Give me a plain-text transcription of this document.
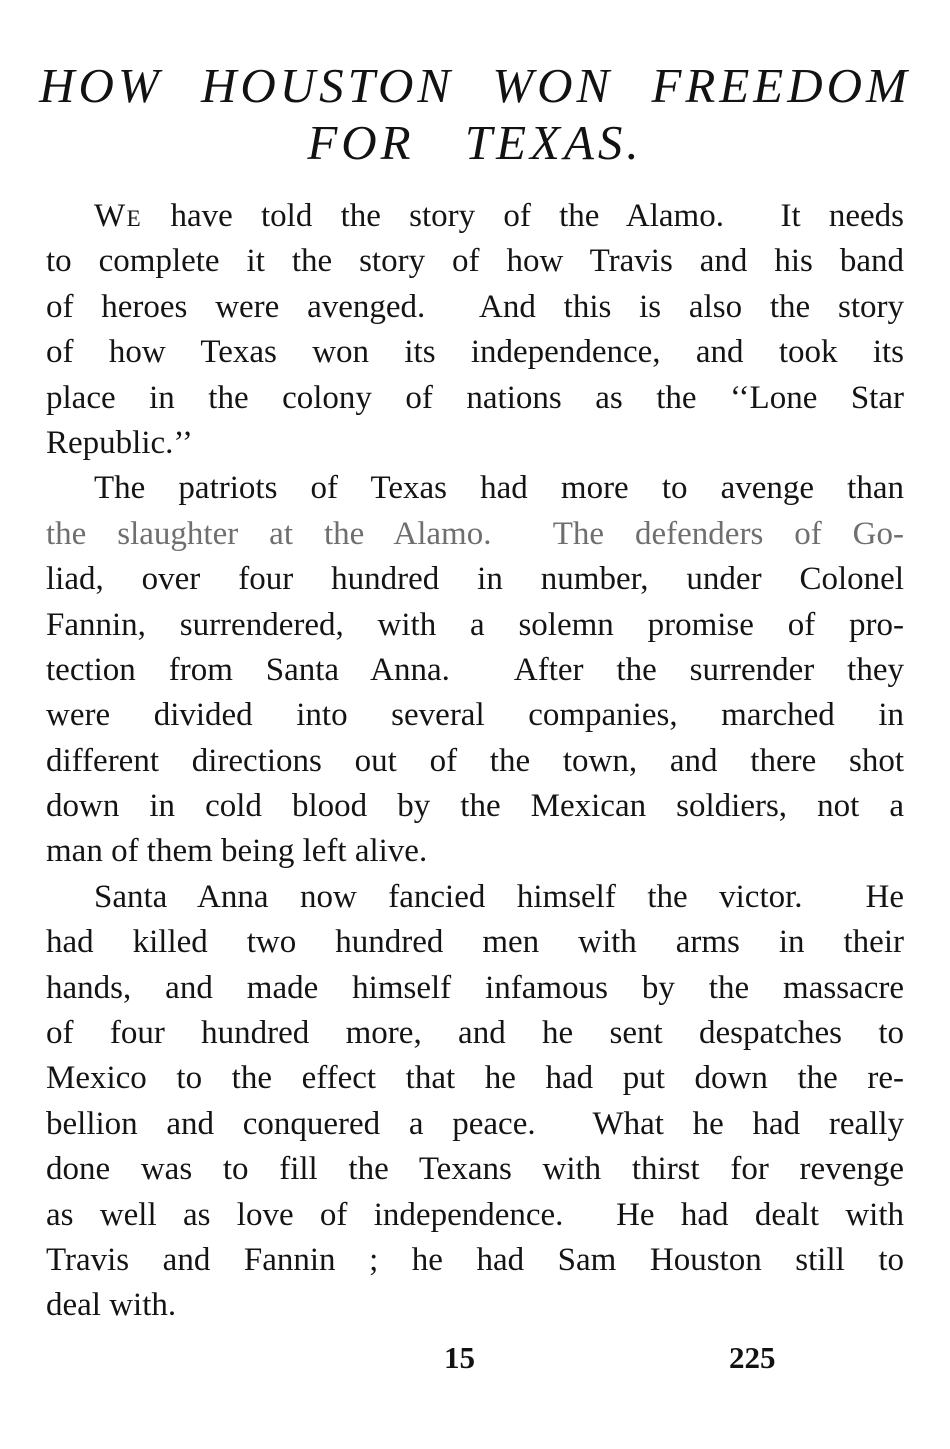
HOW HOUSTON WON FREEDOM
FOR TEXAS.
We have told the story of the Alamo.  It needs
to complete it the story of how Travis and his band
of heroes were avenged.  And this is also the story
of how Texas won its independence, and took its
place in the colony of nations as the ‘‘Lone Star
Republic.’’
The patriots of Texas had more to avenge than
the slaughter at the Alamo.  The defenders of Go-
liad, over four hundred in number, under Colonel
Fannin, surrendered, with a solemn promise of pro-
tection from Santa Anna.  After the surrender they
were divided into several companies, marched in
different directions out of the town, and there shot
down in cold blood by the Mexican soldiers, not a
man of them being left alive.
Santa Anna now fancied himself the victor.  He
had killed two hundred men with arms in their
hands, and made himself infamous by the massacre
of four hundred more, and he sent despatches to
Mexico to the effect that he had put down the re-
bellion and conquered a peace.  What he had really
done was to fill the Texans with thirst for revenge
as well as love of independence.  He had dealt with
Travis and Fannin ; he had Sam Houston still to
deal with.
15	225
